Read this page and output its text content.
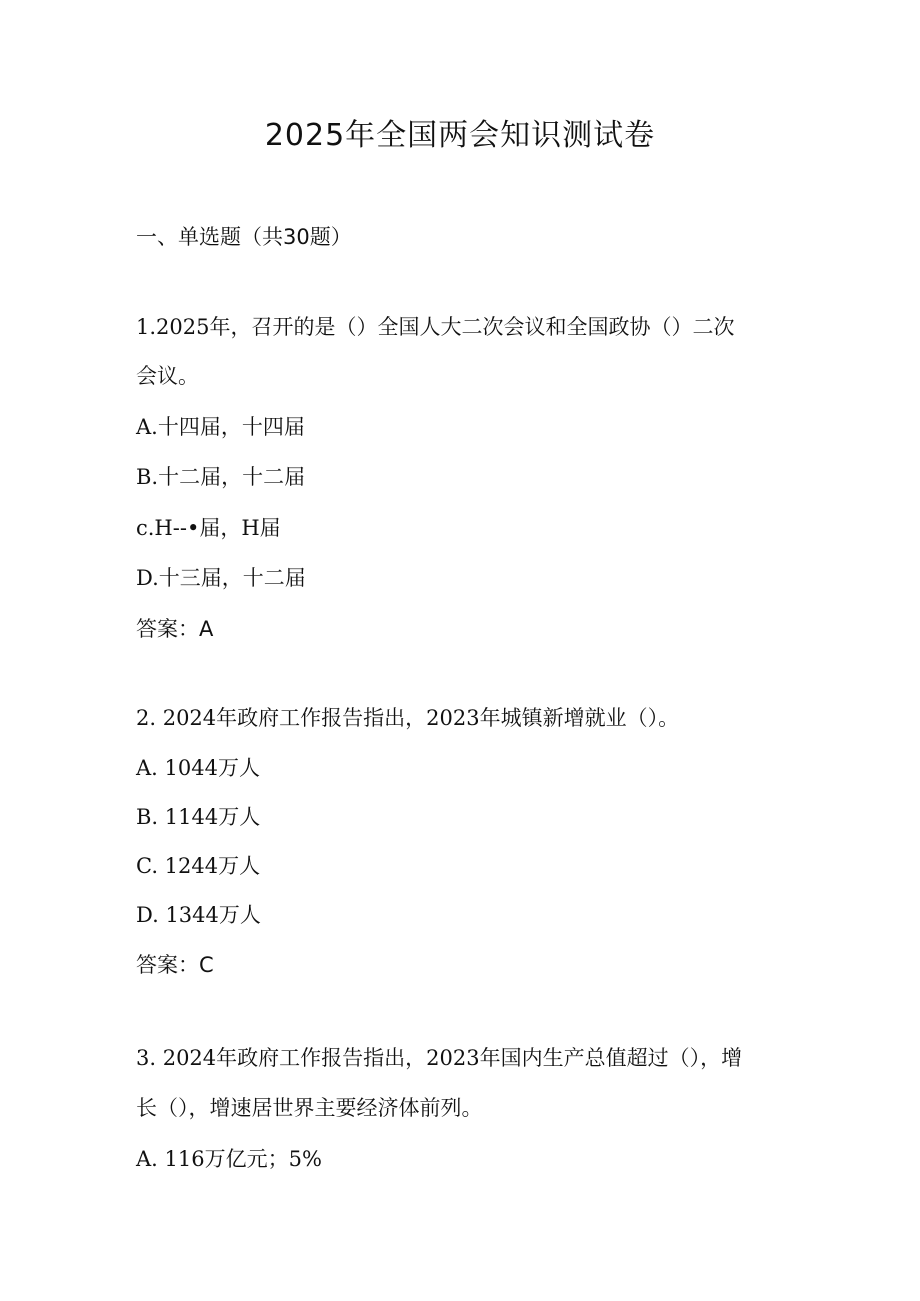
2025年全国两会知识测试卷
一、单选题（共30题）
1.2025年，召开的是（）全国人大二次会议和全国政协（）二次
会议。
A.十四届，十四届
B.十二届，十二届
c.H--•届，H届
D.十三届，十二届
答案：A
2. 2024年政府工作报告指出，2023年城镇新增就业（）。
A. 1044万人
B. 1144万人
C. 1244万人
D. 1344万人
答案：C
3. 2024年政府工作报告指出，2023年国内生产总值超过（），增
长（），增速居世界主要经济体前列。
A. 116万亿元；5%
